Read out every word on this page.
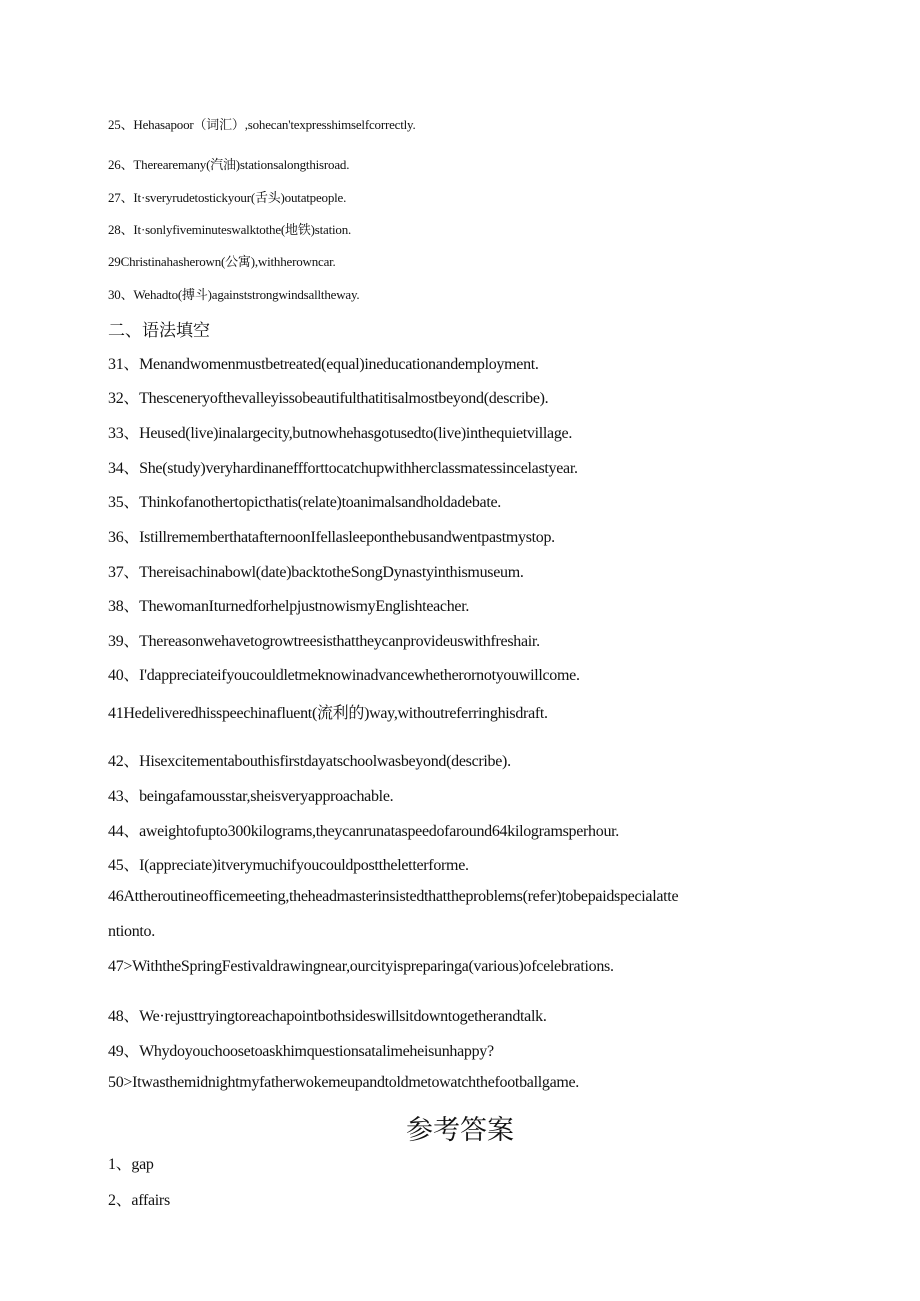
25、Hehasapoor（词汇）,sohecan'texpresshimselfcorrectly.
26、Therearemany(汽油)stationsalongthisroad.
27、It·sveryrudetostickyour(舌头)outatpeople.
28、It·sonlyfiveminuteswalktothe(地铁)station.
29Christinahasherown(公寓),withherowncar.
30、Wehadto(搏斗)againststrongwindsalltheway.
二、语法填空
31、Menandwomenmustbetreated(equal)ineducationandemployment.
32、Thesceneryofthevalleyissobeautifulthatitisalmostbeyond(describe).
33、Heused(live)inalargecity,butnowhehasgotusedto(live)inthequietvillage.
34、She(study)veryhardinaneffforttocatchupwithherclassmatessincelastyear.
35、Thinkofanothertopicthatis(relate)toanimalsandholdadebate.
36、IstillrememberthatafternoonIfellasleeponthebusandwentpastmystop.
37、Thereisachinabowl(date)backtotheSongDynastyinthismuseum.
38、ThewomanIturnedforhelpjustnowismyEnglishteacher.
39、Thereasonwehavetogrowtreesisthattheycanprovideuswithfreshair.
40、I'dappreciateifyoucouldletmeknowinadvancewhetherornotyouwillcome.
41Hedeliveredhisspeechinafluent(流利的)way,withoutreferringhisdraft.
42、Hisexcitementabouthisfirstdayatschoolwasbeyond(describe).
43、beingafamousstar,sheisveryapproachable.
44、aweightofupto300kilograms,theycanrunataspeedofaround64kilogramsperhour.
45、I(appreciate)itverymuchifyoucouldposttheletterforme.
46Attheroutineofficemeeting,theheadmasterinsistedthattheproblems(refer)tobepaidspecialatte
ntionto.
47>WiththeSpringFestivaldrawingnear,ourcityispreparinga(various)ofcelebrations.
48、We·rejusttryingtoreachapointbothsideswillsitdowntogetherandtalk.
49、Whydoyouchoosetoaskhimquestionsatalimeheisunhappy?
50>Itwasthemidnightmyfatherwokemeupandtoldmetowatchthefootballgame.
参考答案
1、gap
2、affairs
